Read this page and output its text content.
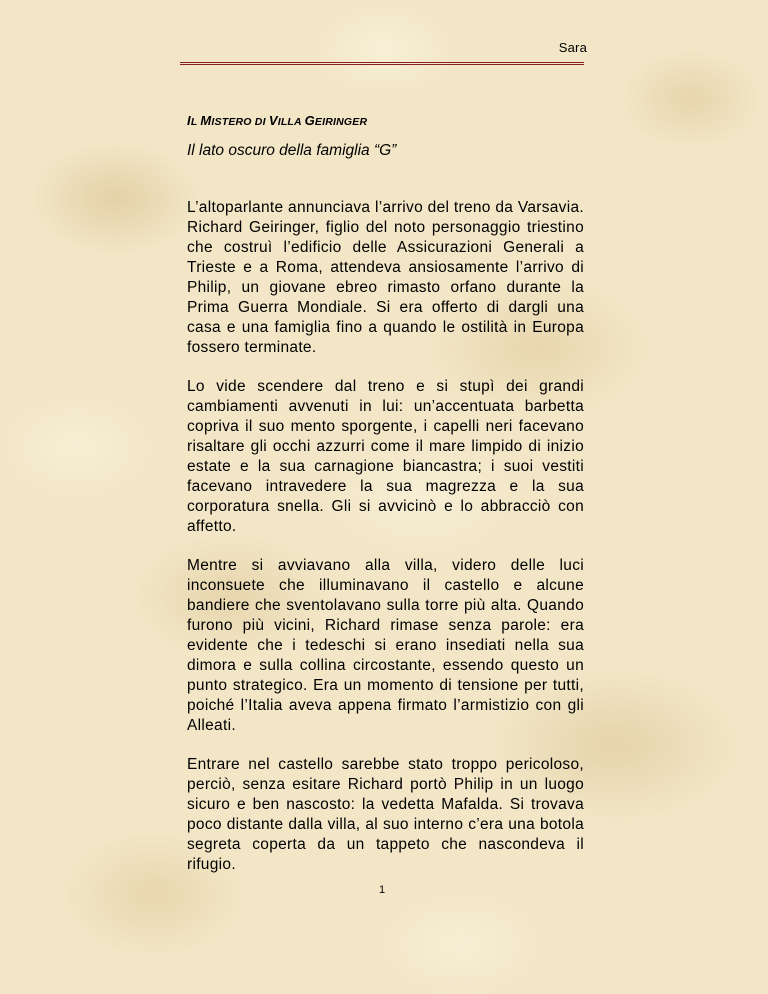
Sara
IL MISTERO DI VILLA GEIRINGER

Il lato oscuro della famiglia “G”

L’altoparlante annunciava l’arrivo del treno da Varsavia. Richard Geiringer, figlio del noto personaggio triestino che costruì l’edificio delle Assicurazioni Generali a Trieste e a Roma, attendeva ansiosamente l’arrivo di Philip, un giovane ebreo rimasto orfano durante la Prima Guerra Mondiale. Si era offerto di dargli una casa e una famiglia fino a quando le ostilità in Europa fossero terminate.

Lo vide scendere dal treno e si stupì dei grandi cambiamenti avvenuti in lui: un’accentuata barbetta copriva il suo mento sporgente, i capelli neri facevano risaltare gli occhi azzurri come il mare limpido di inizio estate e la sua carnagione biancastra; i suoi vestiti facevano intravedere la sua magrezza e la sua corporatura snella. Gli si avvicinò e lo abbracciò con affetto.

Mentre si avviavano alla villa, videro delle luci inconsuete che illuminavano il castello e alcune bandiere che sventolavano sulla torre più alta. Quando furono più vicini, Richard rimase senza parole: era evidente che i tedeschi si erano insediati nella sua dimora e sulla collina circostante, essendo questo un punto strategico. Era un momento di tensione per tutti, poiché l’Italia aveva appena firmato l’armistizio con gli Alleati.

Entrare nel castello sarebbe stato troppo pericoloso, perciò, senza esitare Richard portò Philip in un luogo sicuro e ben nascosto: la vedetta Mafalda. Si trovava poco distante dalla villa, al suo interno c’era una botola segreta coperta da un tappeto che nascondeva il rifugio.

1
